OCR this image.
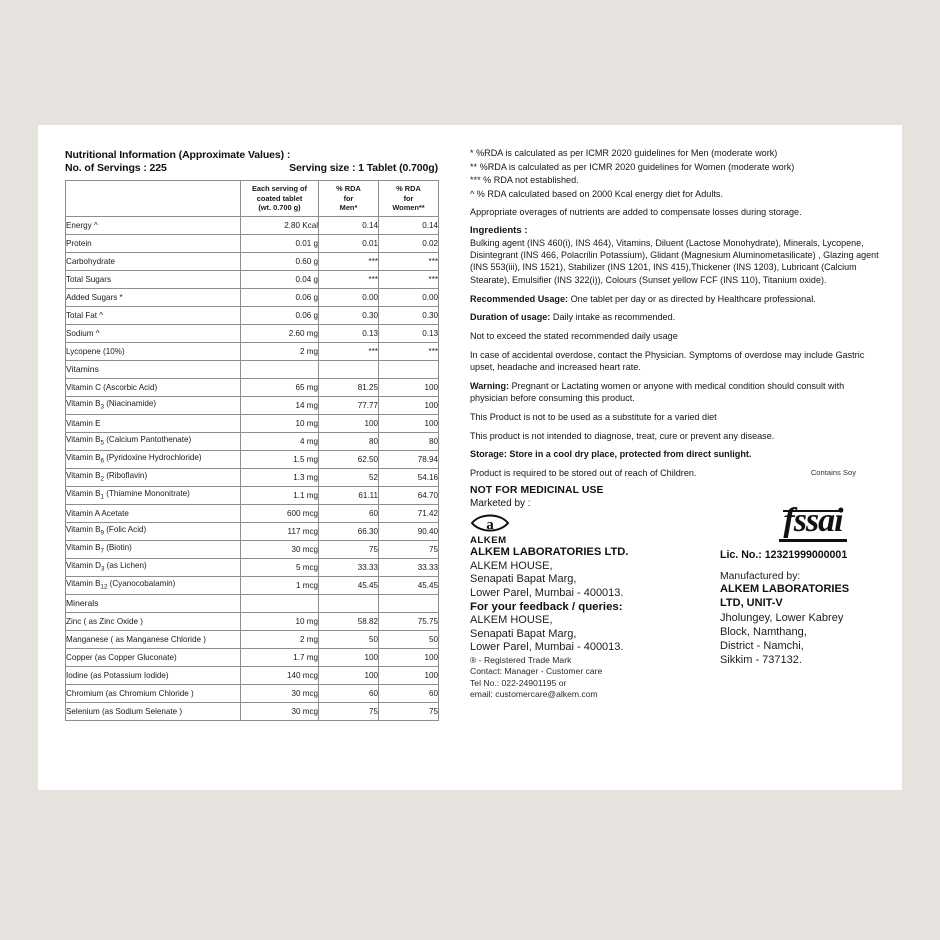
Nutritional Information (Approximate Values) :
No. of Servings : 225	Serving size : 1 Tablet (0.700g)

Each serving of
coated tablet
(wt. 0.700 g)

% RDA
for
Men*

% RDA
for
Women**

Energy ^	2.80 Kcal	0.14	0.14
Protein	0.01 g	0.01	0.02
Carbohydrate	0.60 g	***	***
Total Sugars	0.04 g	***	***
Added Sugars *	0.06 g	0.00	0.00
Total Fat ^	0.06 g	0.30	0.30
Sodium ^	2.60 mg	0.13	0.13
Lycopene (10%)	2 mg	***	***
Vitamins			
Vitamin C (Ascorbic Acid)	65 mg	81.25	100
Vitamin $B_3$ (Niacinamide)	14 mg	77.77	100
Vitamin E	10 mg	100	100
Vitamin $B_5$ (Calcium Pantothenate)	4 mg	80	80
Vitamin $B_6$ (Pyridoxine Hydrochloride)	1.5 mg	62.50	78.94
Vitamin $B_2$ (Riboflavin)	1.3 mg	52	54.16
Vitamin $B_1$ (Thiamine Mononitrate)	1.1 mg	61.11	64.70
Vitamin A Acetate	600 mcg	60	71.42
Vitamin $B_9$ (Folic Acid)	117 mcg	66.30	90.40
Vitamin $B_7$ (Biotin)	30 mcg	75	75
Vitamin $D_3$ (as Lichen)	5 mcg	33.33	33.33
Vitamin $B_{12}$ (Cyanocobalamin)	1 mcg	45.45	45.45
Minerals			
Zinc ( as Zinc Oxide )	10 mg	58.82	75.75
Manganese ( as Manganese Chloride )	2 mg	50	50
Copper (as Copper Gluconate)	1.7 mg	100	100
Iodine (as Potassium Iodide)	140 mcg	100	100
Chromium (as Chromium Chloride )	30 mcg	60	60
Selenium (as Sodium Selenate )	30 mcg	75	75

* %RDA is calculated as per ICMR 2020 guidelines for Men (moderate work)

** %RDA is calculated as per ICMR 2020 guidelines for Women (moderate work)

*** % RDA not established.

^ % RDA calculated based on 2000 Kcal energy diet for Adults.

Appropriate overages of nutrients are added to compensate losses during storage.

Ingredients :

Bulking agent (INS 460(i), INS 464), Vitamins, Diluent (Lactose Monohydrate), Minerals, Lycopene, Disintegrant (INS 466, Polacrilin Potassium), Glidant (Magnesium Aluminometasilicate) , Glazing agent (INS 553(iii), INS 1521), Stabilizer (INS 1201, INS 415),Thickener (INS 1203), Lubricant (Calcium Stearate), Emulsifier (INS 322(i)), Colours (Sunset yellow FCF (INS 110), Titanium oxide).

Recommended Usage: One tablet per day or as directed by Healthcare professional.

Duration of usage: Daily intake as recommended.

Not to exceed the stated recommended daily usage

In case of accidental overdose, contact the Physician. Symptoms of overdose may include Gastric upset, headache and increased heart rate.

Warning: Pregnant or Lactating women or anyone with medical condition should consult with physician before consuming this product.

This Product is not to be used as a substitute for a varied diet

This product is not intended to diagnose, treat, cure or prevent any disease.

Storage: Store in a cool dry place, protected from direct sunlight.

Product is required to be stored out of reach of Children.	Contains Soy

NOT FOR MEDICINAL USE
Marketed by :
a
ALKEM
ALKEM LABORATORIES LTD.
ALKEM HOUSE,
Senapati Bapat Marg,
Lower Parel, Mumbai - 400013.
For your feedback / queries:
ALKEM HOUSE,
Senapati Bapat Marg,
Lower Parel, Mumbai - 400013.
® - Registered Trade Mark
Contact: Manager - Customer care
Tel No.: 022-24901195 or
email: customercare@alkem.com
fssai
Lic. No.: 12321999000001
Manufactured by:
ALKEM LABORATORIES
LTD, UNIT-V
Jholungey, Lower Kabrey
Block, Namthang,
District - Namchi,
Sikkim - 737132.
